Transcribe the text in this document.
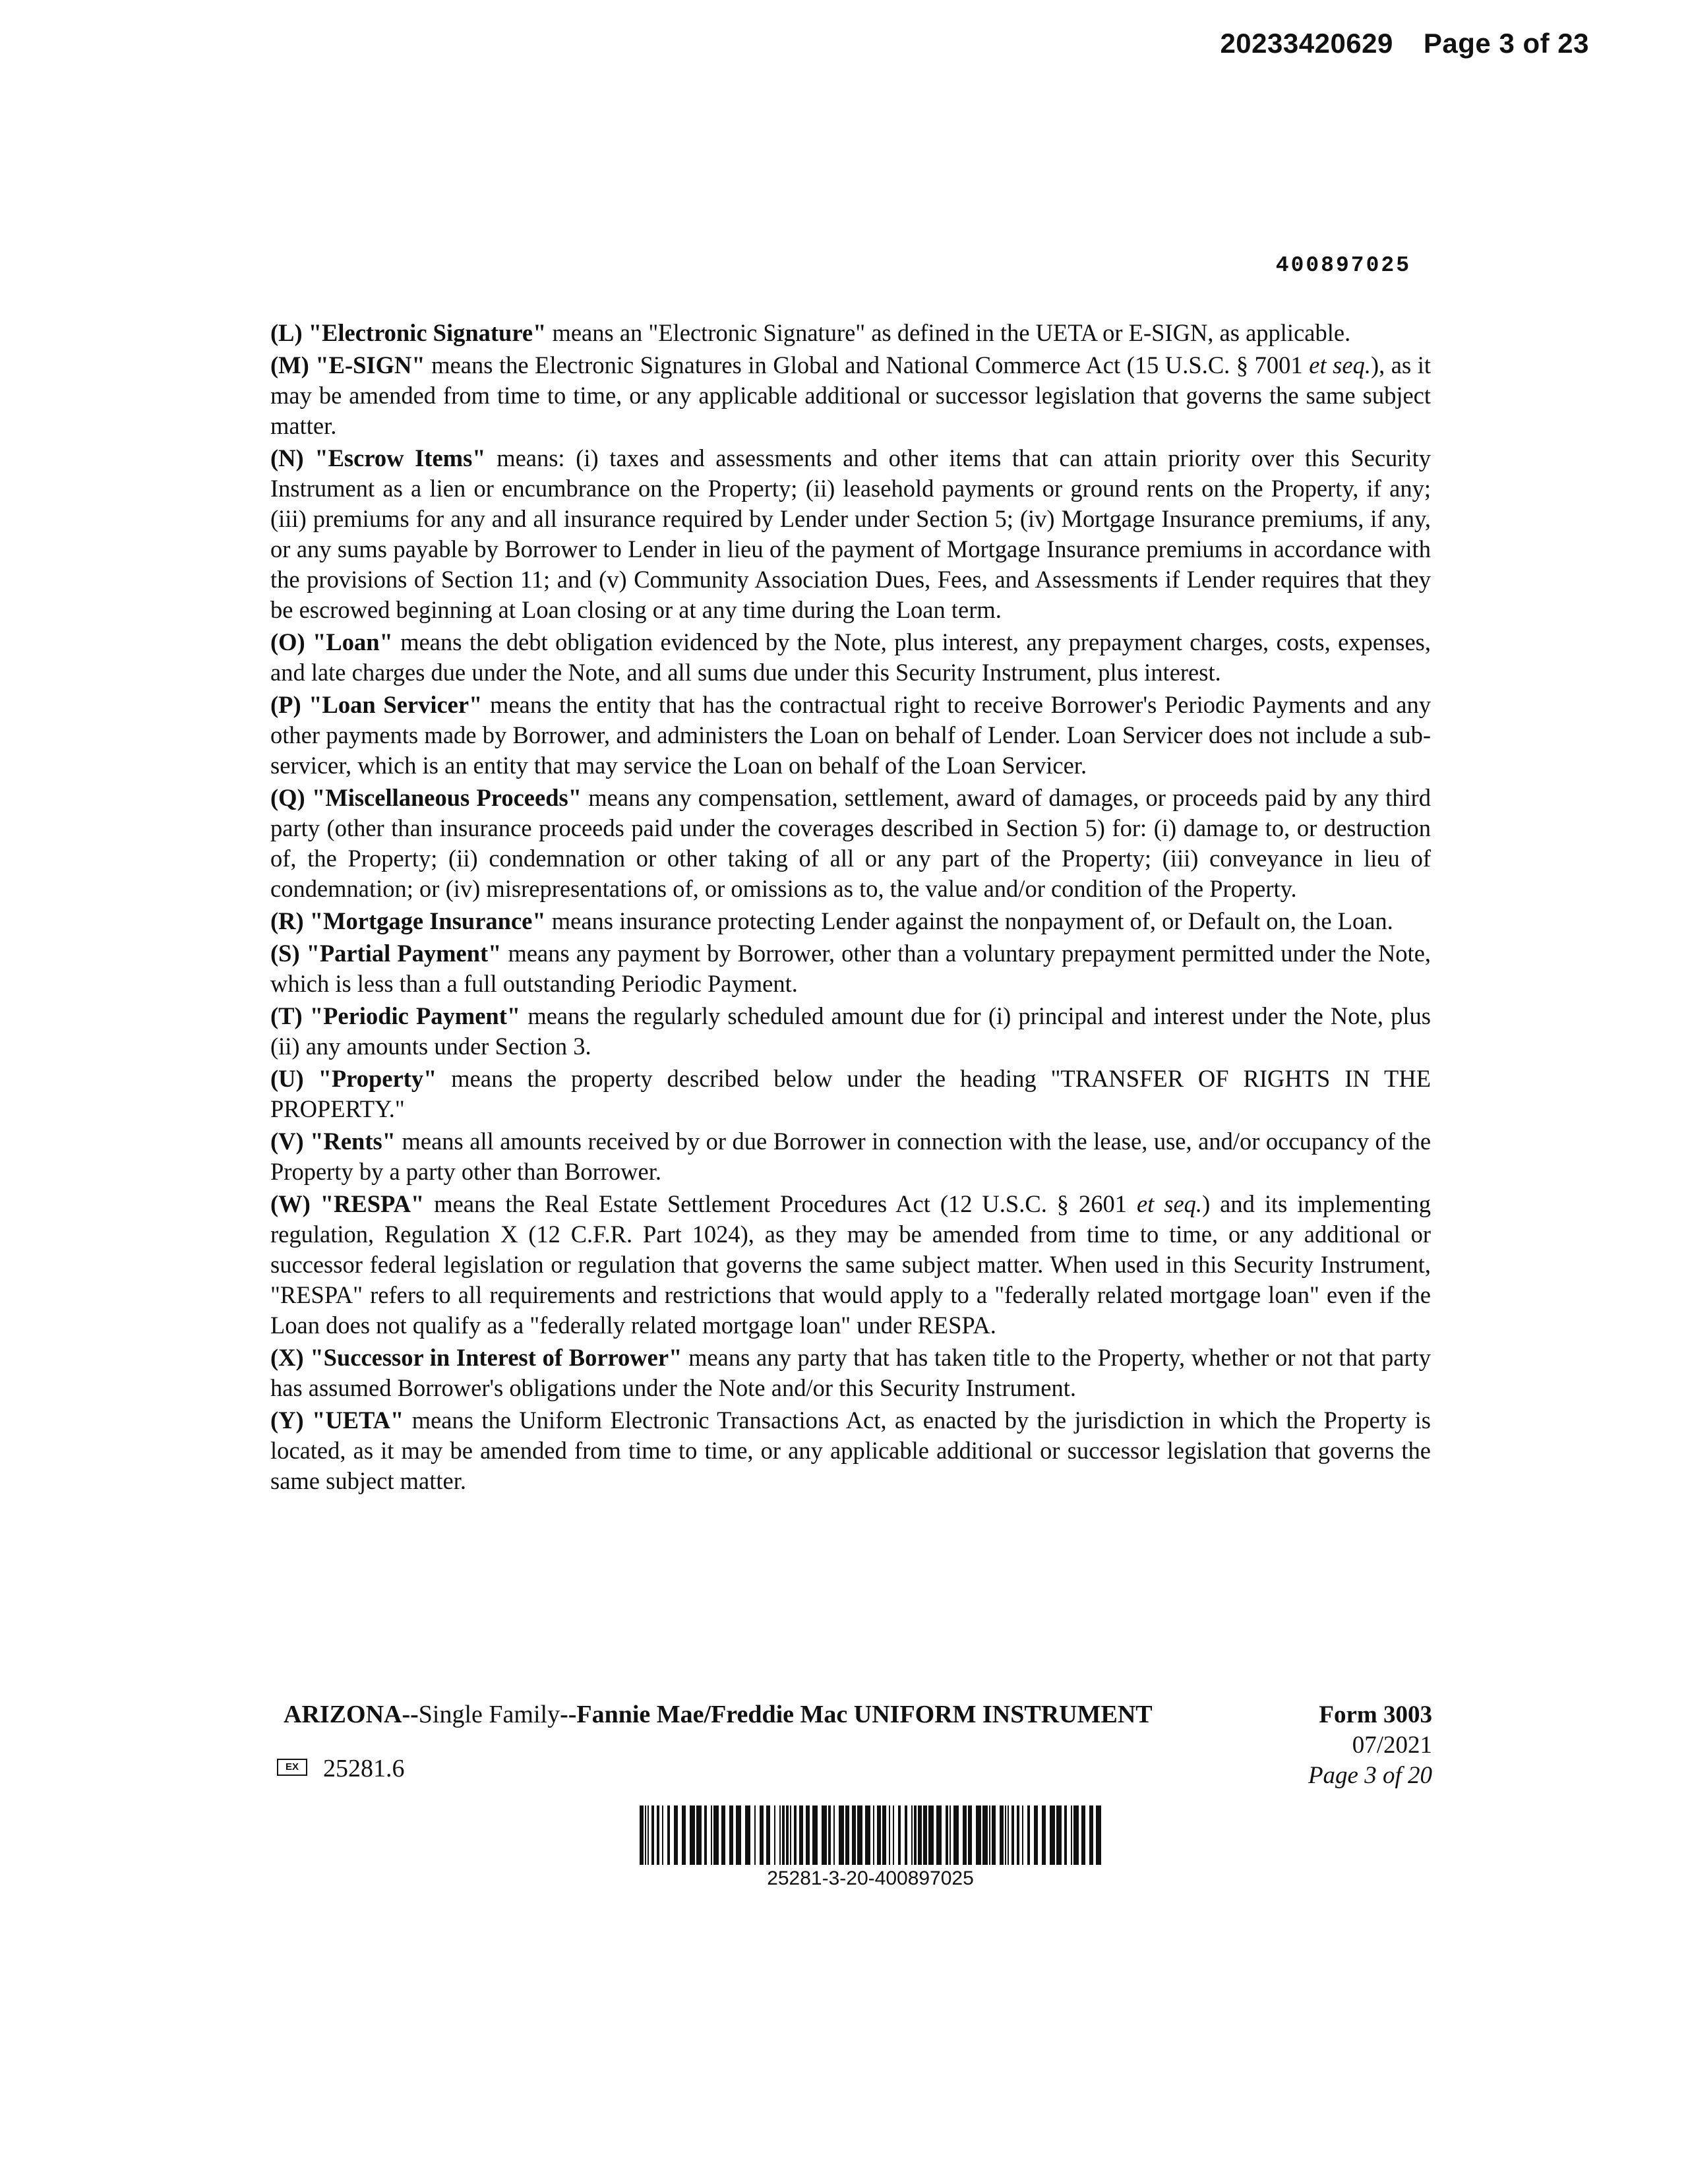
20233420629 Page 3 of 23
400897025

(L) "Electronic Signature" means an "Electronic Signature" as defined in the UETA or E-SIGN, as applicable.

(M) "E-SIGN" means the Electronic Signatures in Global and National Commerce Act (15 U.S.C. § 7001 et seq.), as it may be amended from time to time, or any applicable additional or successor legislation that governs the same subject matter.

(N) "Escrow Items" means: (i) taxes and assessments and other items that can attain priority over this Security Instrument as a lien or encumbrance on the Property; (ii) leasehold payments or ground rents on the Property, if any; (iii) premiums for any and all insurance required by Lender under Section 5; (iv) Mortgage Insurance premiums, if any, or any sums payable by Borrower to Lender in lieu of the payment of Mortgage Insurance premiums in accordance with the provisions of Section 11; and (v) Community Association Dues, Fees, and Assessments if Lender requires that they be escrowed beginning at Loan closing or at any time during the Loan term.

(O) "Loan" means the debt obligation evidenced by the Note, plus interest, any prepayment charges, costs, expenses, and late charges due under the Note, and all sums due under this Security Instrument, plus interest.

(P) "Loan Servicer" means the entity that has the contractual right to receive Borrower's Periodic Payments and any other payments made by Borrower, and administers the Loan on behalf of Lender. Loan Servicer does not include a sub-servicer, which is an entity that may service the Loan on behalf of the Loan Servicer.

(Q) "Miscellaneous Proceeds" means any compensation, settlement, award of damages, or proceeds paid by any third party (other than insurance proceeds paid under the coverages described in Section 5) for: (i) damage to, or destruction of, the Property; (ii) condemnation or other taking of all or any part of the Property; (iii) conveyance in lieu of condemnation; or (iv) misrepresentations of, or omissions as to, the value and/or condition of the Property.

(R) "Mortgage Insurance" means insurance protecting Lender against the nonpayment of, or Default on, the Loan.

(S) "Partial Payment" means any payment by Borrower, other than a voluntary prepayment permitted under the Note, which is less than a full outstanding Periodic Payment.

(T) "Periodic Payment" means the regularly scheduled amount due for (i) principal and interest under the Note, plus (ii) any amounts under Section 3.

(U) "Property" means the property described below under the heading "TRANSFER OF RIGHTS IN THE PROPERTY."

(V) "Rents" means all amounts received by or due Borrower in connection with the lease, use, and/or occupancy of the Property by a party other than Borrower.

(W) "RESPA" means the Real Estate Settlement Procedures Act (12 U.S.C. § 2601 et seq.) and its implementing regulation, Regulation X (12 C.F.R. Part 1024), as they may be amended from time to time, or any additional or successor federal legislation or regulation that governs the same subject matter. When used in this Security Instrument, "RESPA" refers to all requirements and restrictions that would apply to a "federally related mortgage loan" even if the Loan does not qualify as a "federally related mortgage loan" under RESPA.

(X) "Successor in Interest of Borrower" means any party that has taken title to the Property, whether or not that party has assumed Borrower's obligations under the Note and/or this Security Instrument.

(Y) "UETA" means the Uniform Electronic Transactions Act, as enacted by the jurisdiction in which the Property is located, as it may be amended from time to time, or any applicable additional or successor legislation that governs the same subject matter.

ARIZONA--Single Family--Fannie Mae/Freddie Mac UNIFORM INSTRUMENT	Form 3003
07/2021
Page 3 of 20
EX 25281.6
25281-3-20-400897025
